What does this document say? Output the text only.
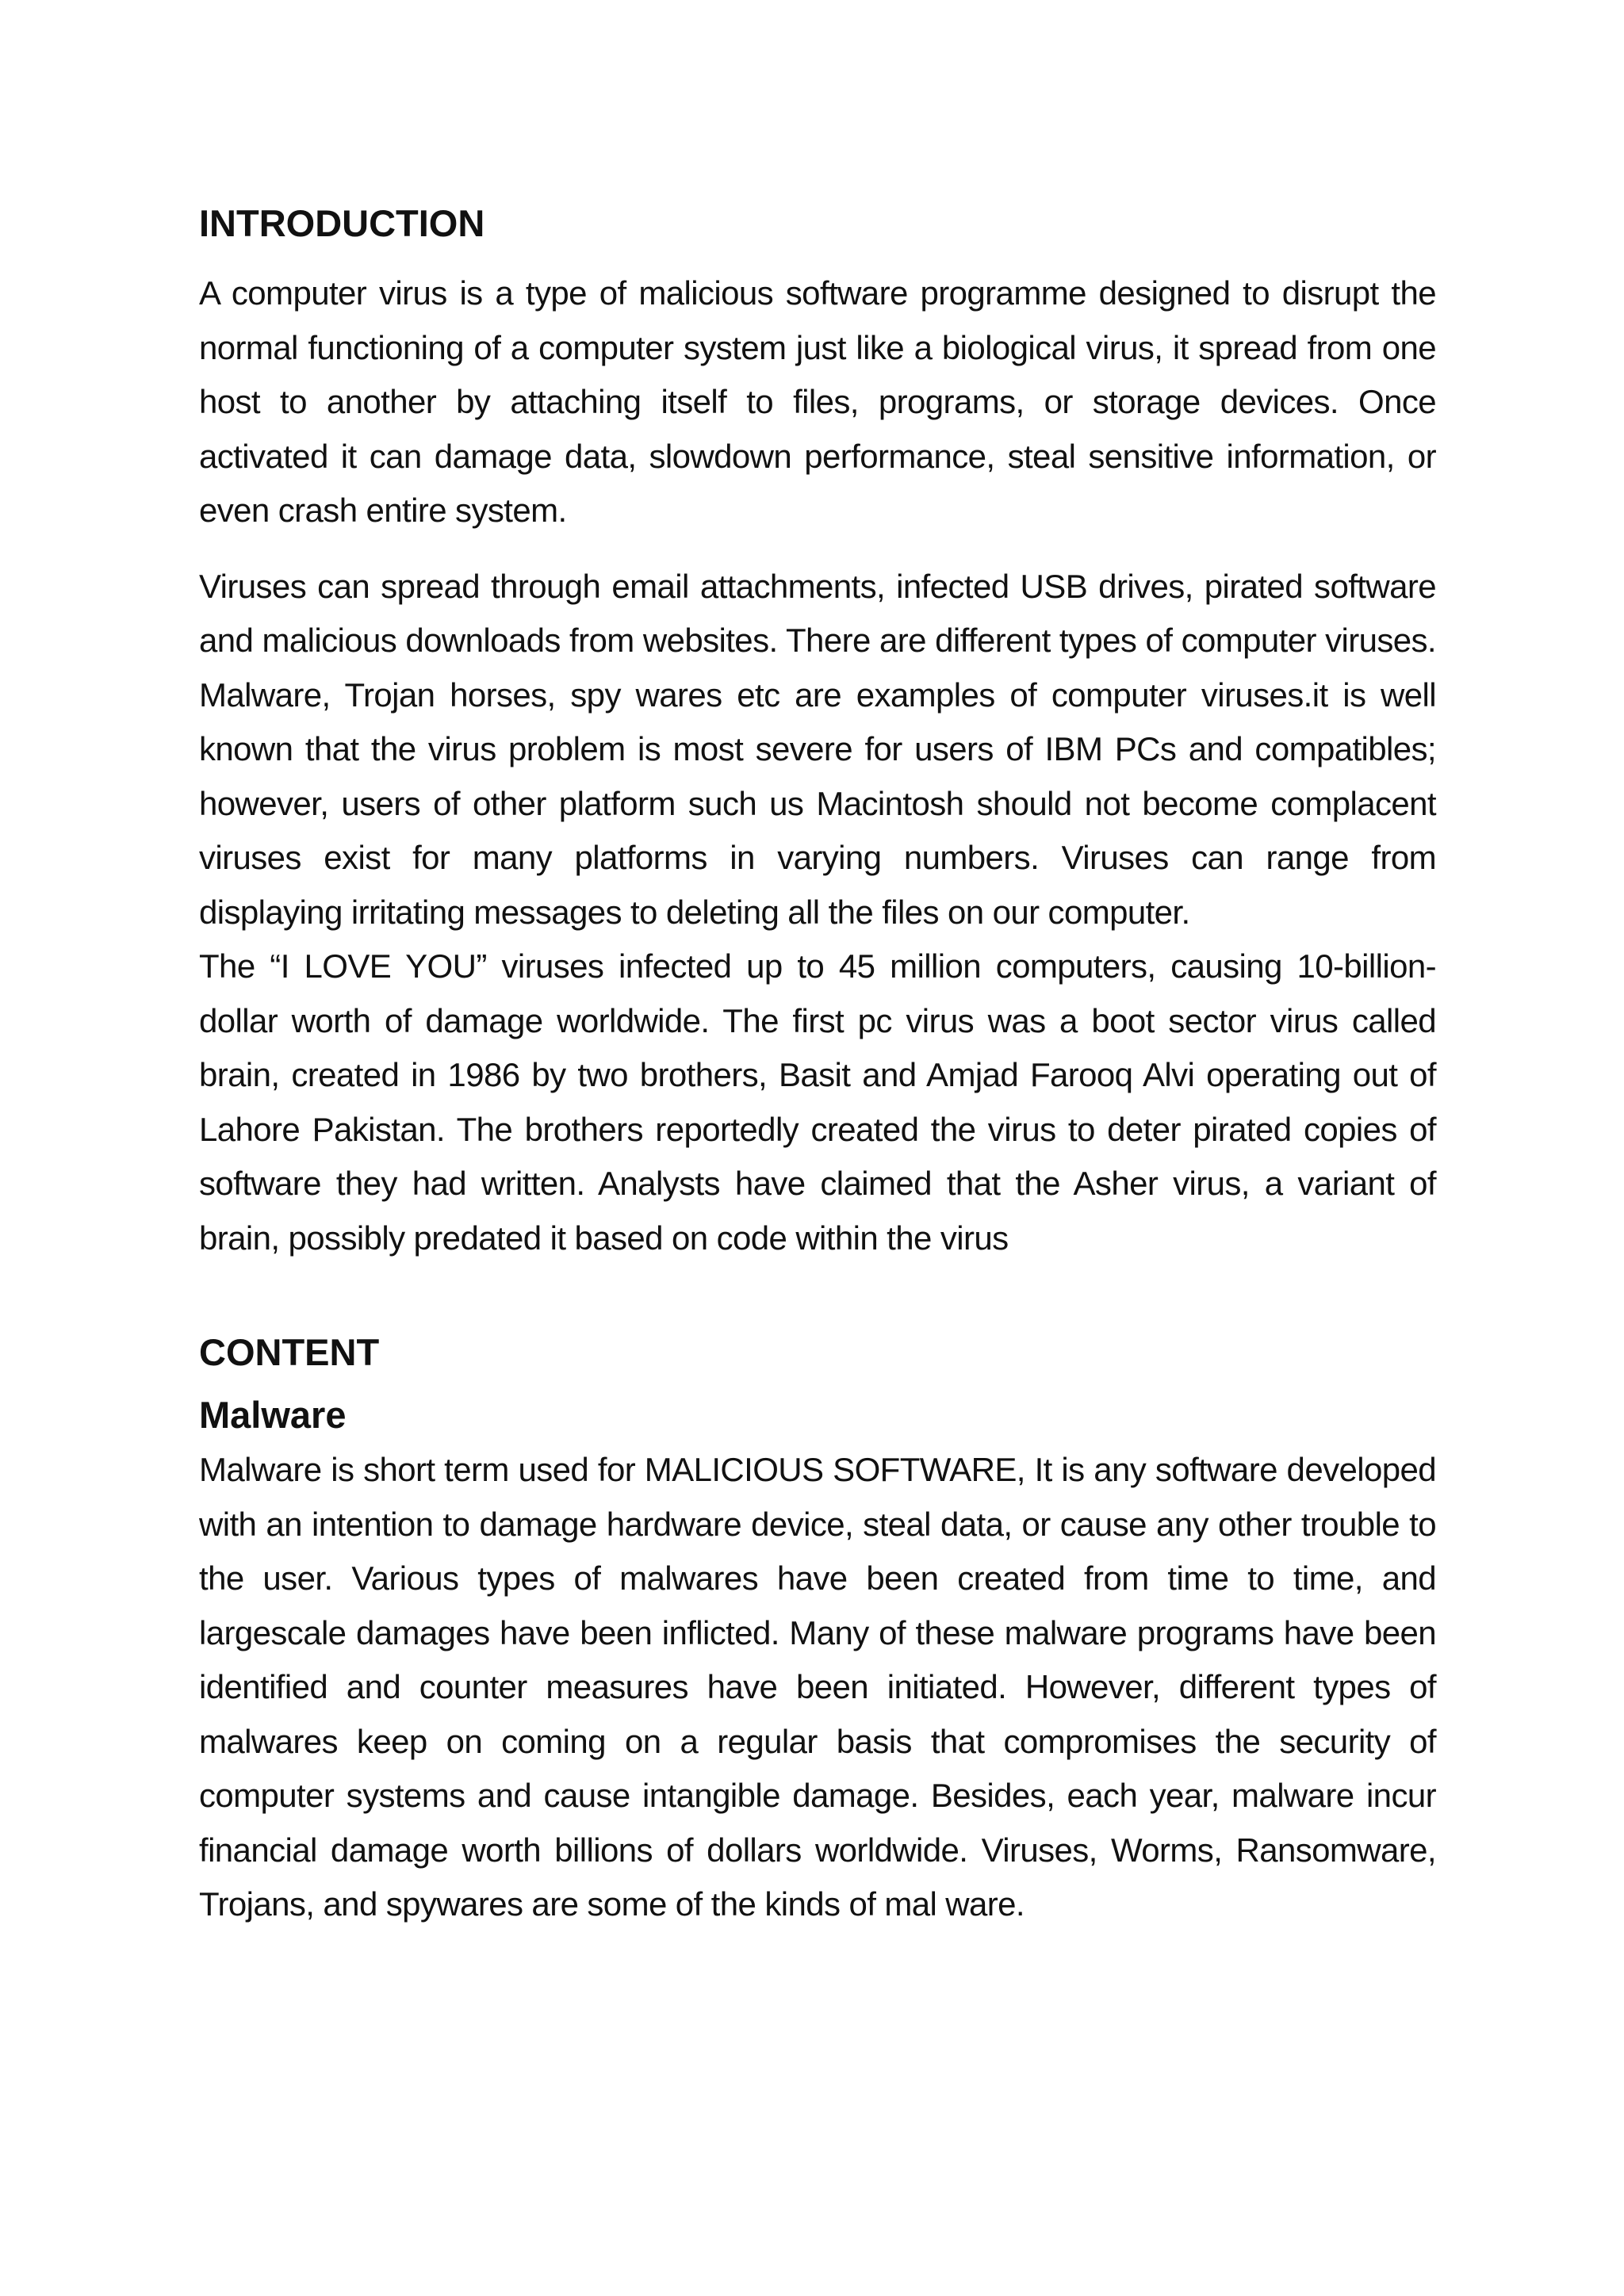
INTRODUCTION

A computer virus is a type of malicious software programme designed to disrupt the normal functioning of a computer system just like a biological virus, it spread from one host to another by attaching itself to files, programs, or storage devices. Once activated it can damage data, slowdown performance, steal sensitive information, or even crash entire system.

Viruses can spread through email attachments, infected USB drives, pirated software and malicious downloads from websites. There are different types of computer viruses. Malware, Trojan horses, spy wares etc are examples of computer viruses.it is well known that the virus problem is most severe for users of IBM PCs and compatibles; however, users of other platform such us Macintosh should not become complacent viruses exist for many platforms in varying numbers. Viruses can range from displaying irritating messages to deleting all the files on our computer.

The “I LOVE YOU” viruses infected up to 45 million computers, causing 10-billion-dollar worth of damage worldwide. The first pc virus was a boot sector virus called brain, created in 1986 by two brothers, Basit and Amjad Farooq Alvi operating out of Lahore Pakistan. The brothers reportedly created the virus to deter pirated copies of software they had written. Analysts have claimed that the Asher virus, a variant of brain, possibly predated it based on code within the virus

CONTENT
Malware

Malware is short term used for MALICIOUS SOFTWARE, It is any software developed with an intention to damage hardware device, steal data, or cause any other trouble to the user. Various types of malwares have been created from time to time, and largescale damages have been inflicted. Many of these malware programs have been identified and counter measures have been initiated. However, different types of malwares keep on coming on a regular basis that compromises the security of computer systems and cause intangible damage. Besides, each year, malware incur financial damage worth billions of dollars worldwide. Viruses, Worms, Ransomware, Trojans, and spywares are some of the kinds of mal ware.
